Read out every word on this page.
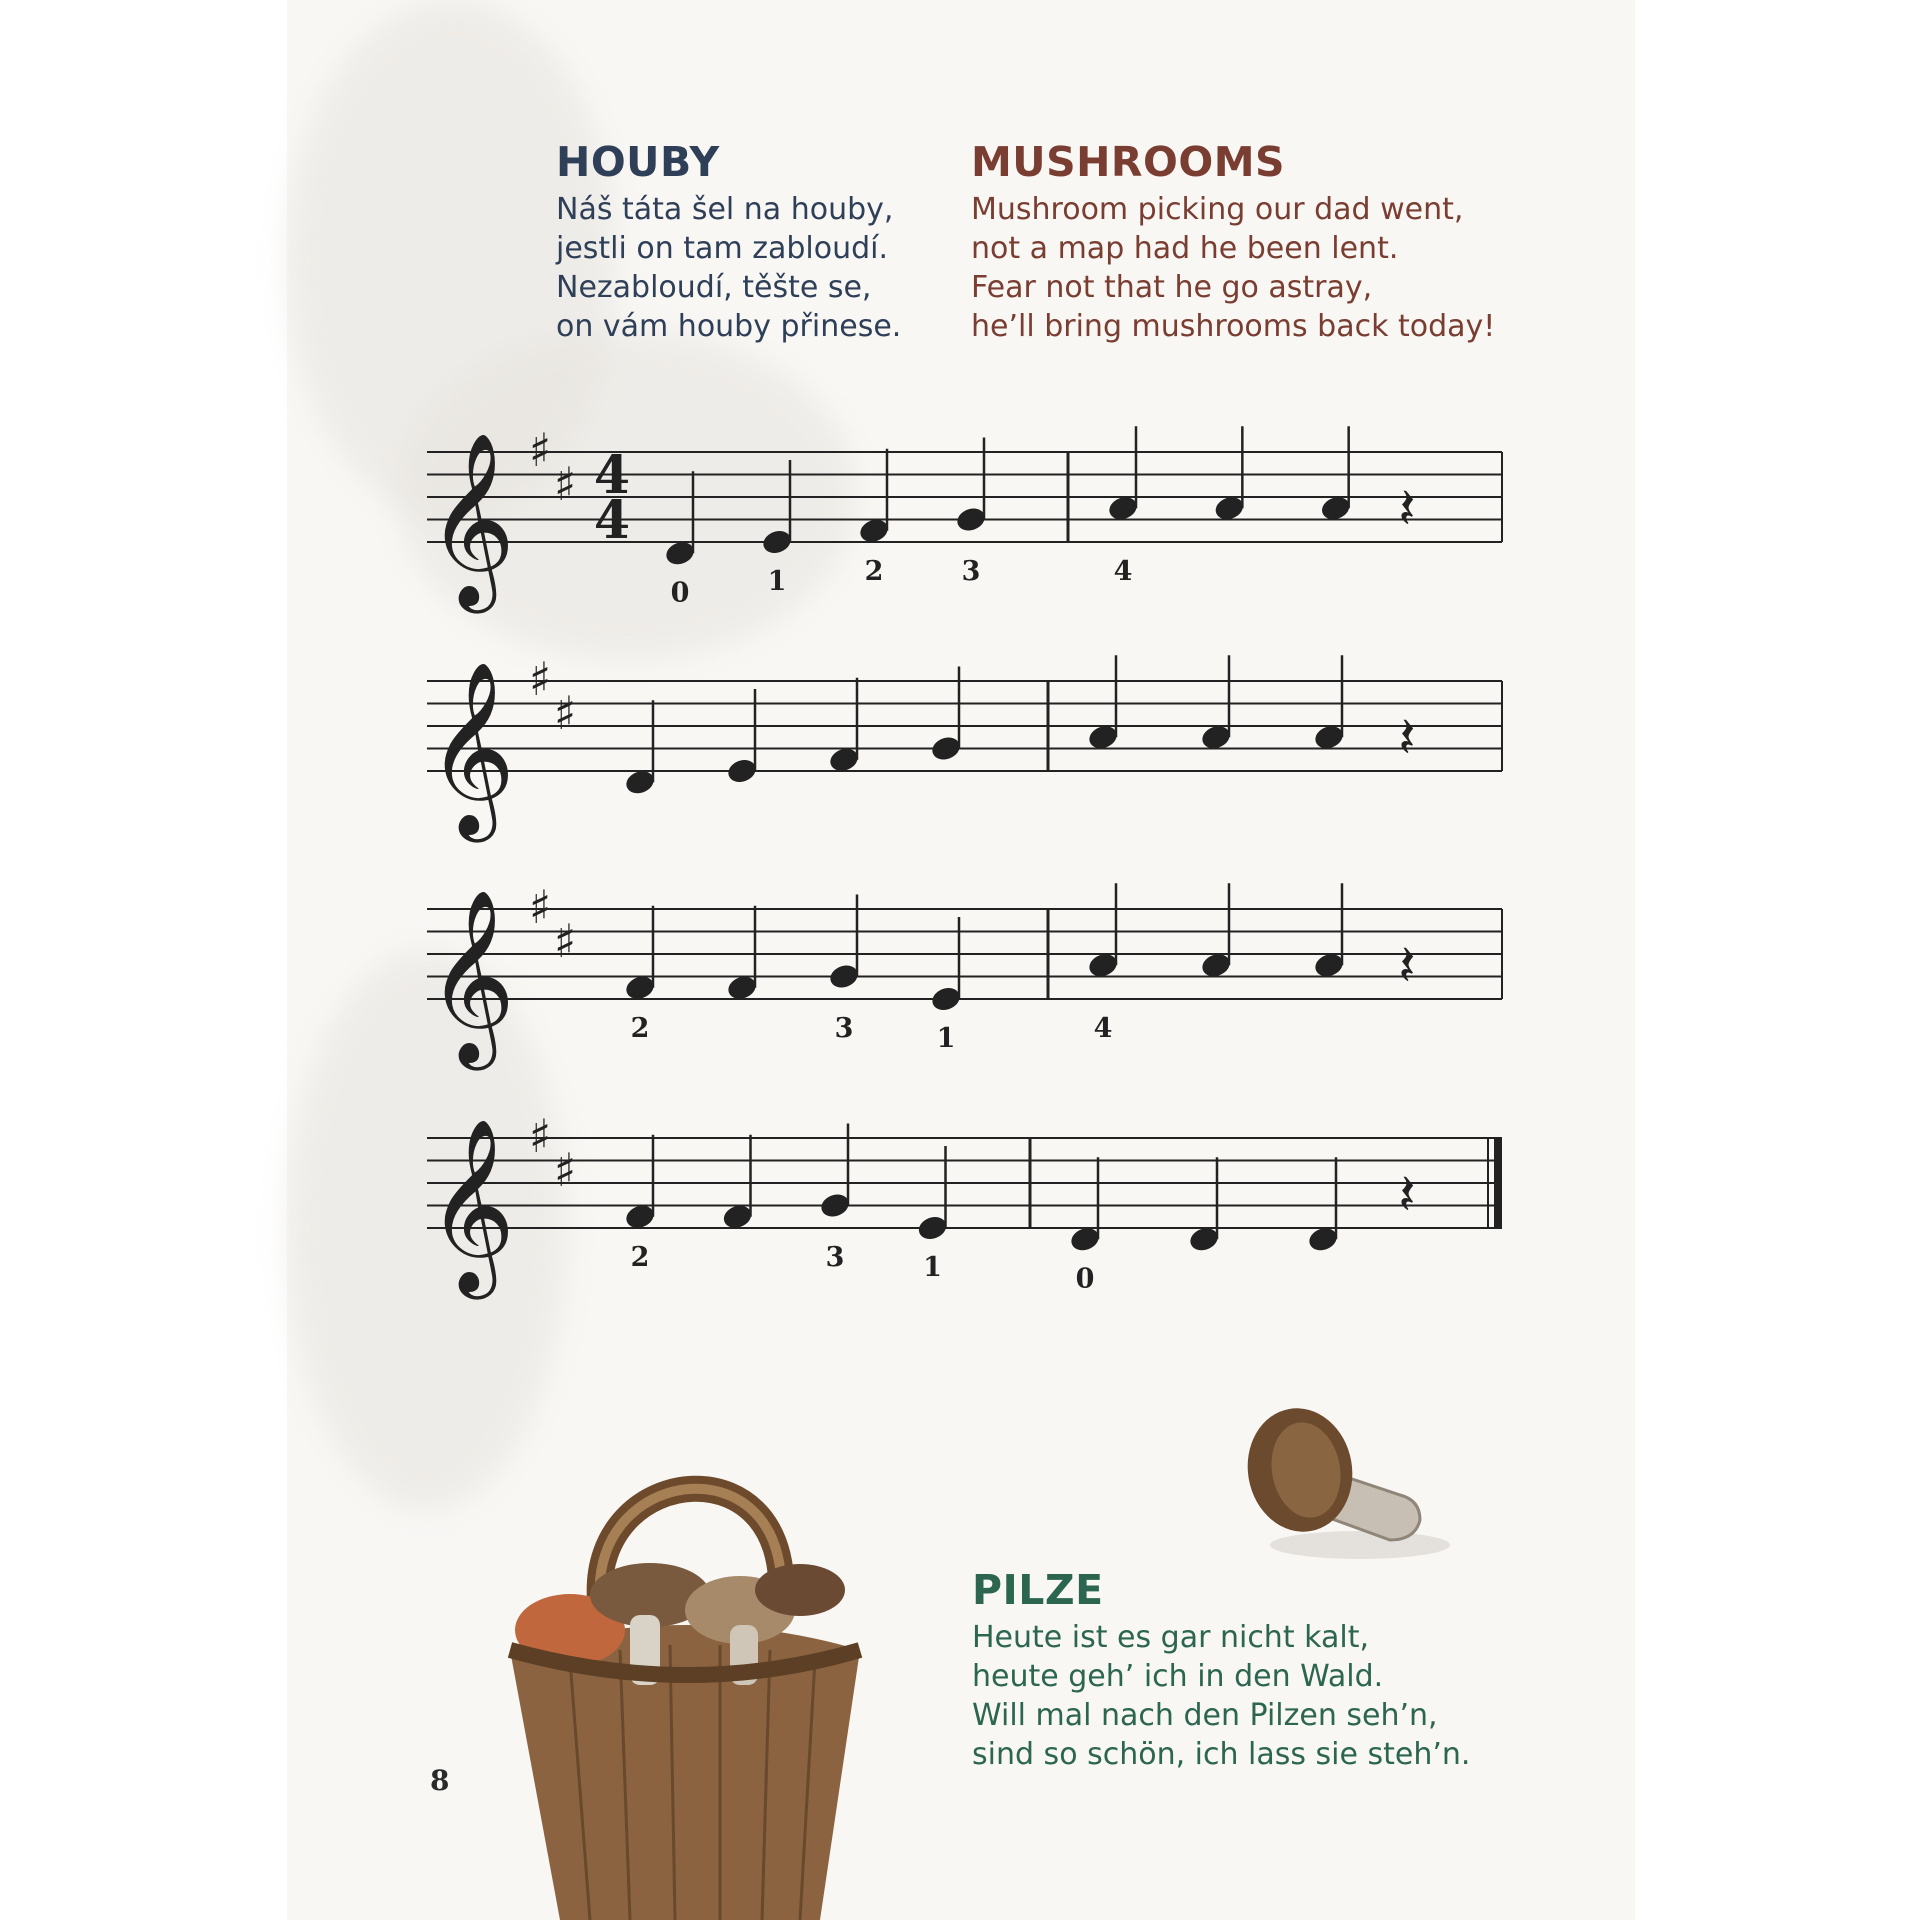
HOUBY
Náš táta šel na houby,
jestli on tam zabloudí.
Nezabloudí, těšte se,
on vám houby přinese.
MUSHROOMS
Mushroom picking our dad went,
not a map had he been lent.
Fear not that he go astray,
he’ll bring mushrooms back today!
𝄞 ♯
♯ 4
4
0	1	2	3	4
𝄽
𝄞 ♯
♯	𝄽
𝄞 ♯
♯
2	3	1	4
𝄽
𝄞 ♯
♯
2	3	1	0
𝄽
PILZE
Heute ist es gar nicht kalt,
heute geh’ ich in den Wald.
Will mal nach den Pilzen seh’n,
sind so schön, ich lass sie steh’n.
8
